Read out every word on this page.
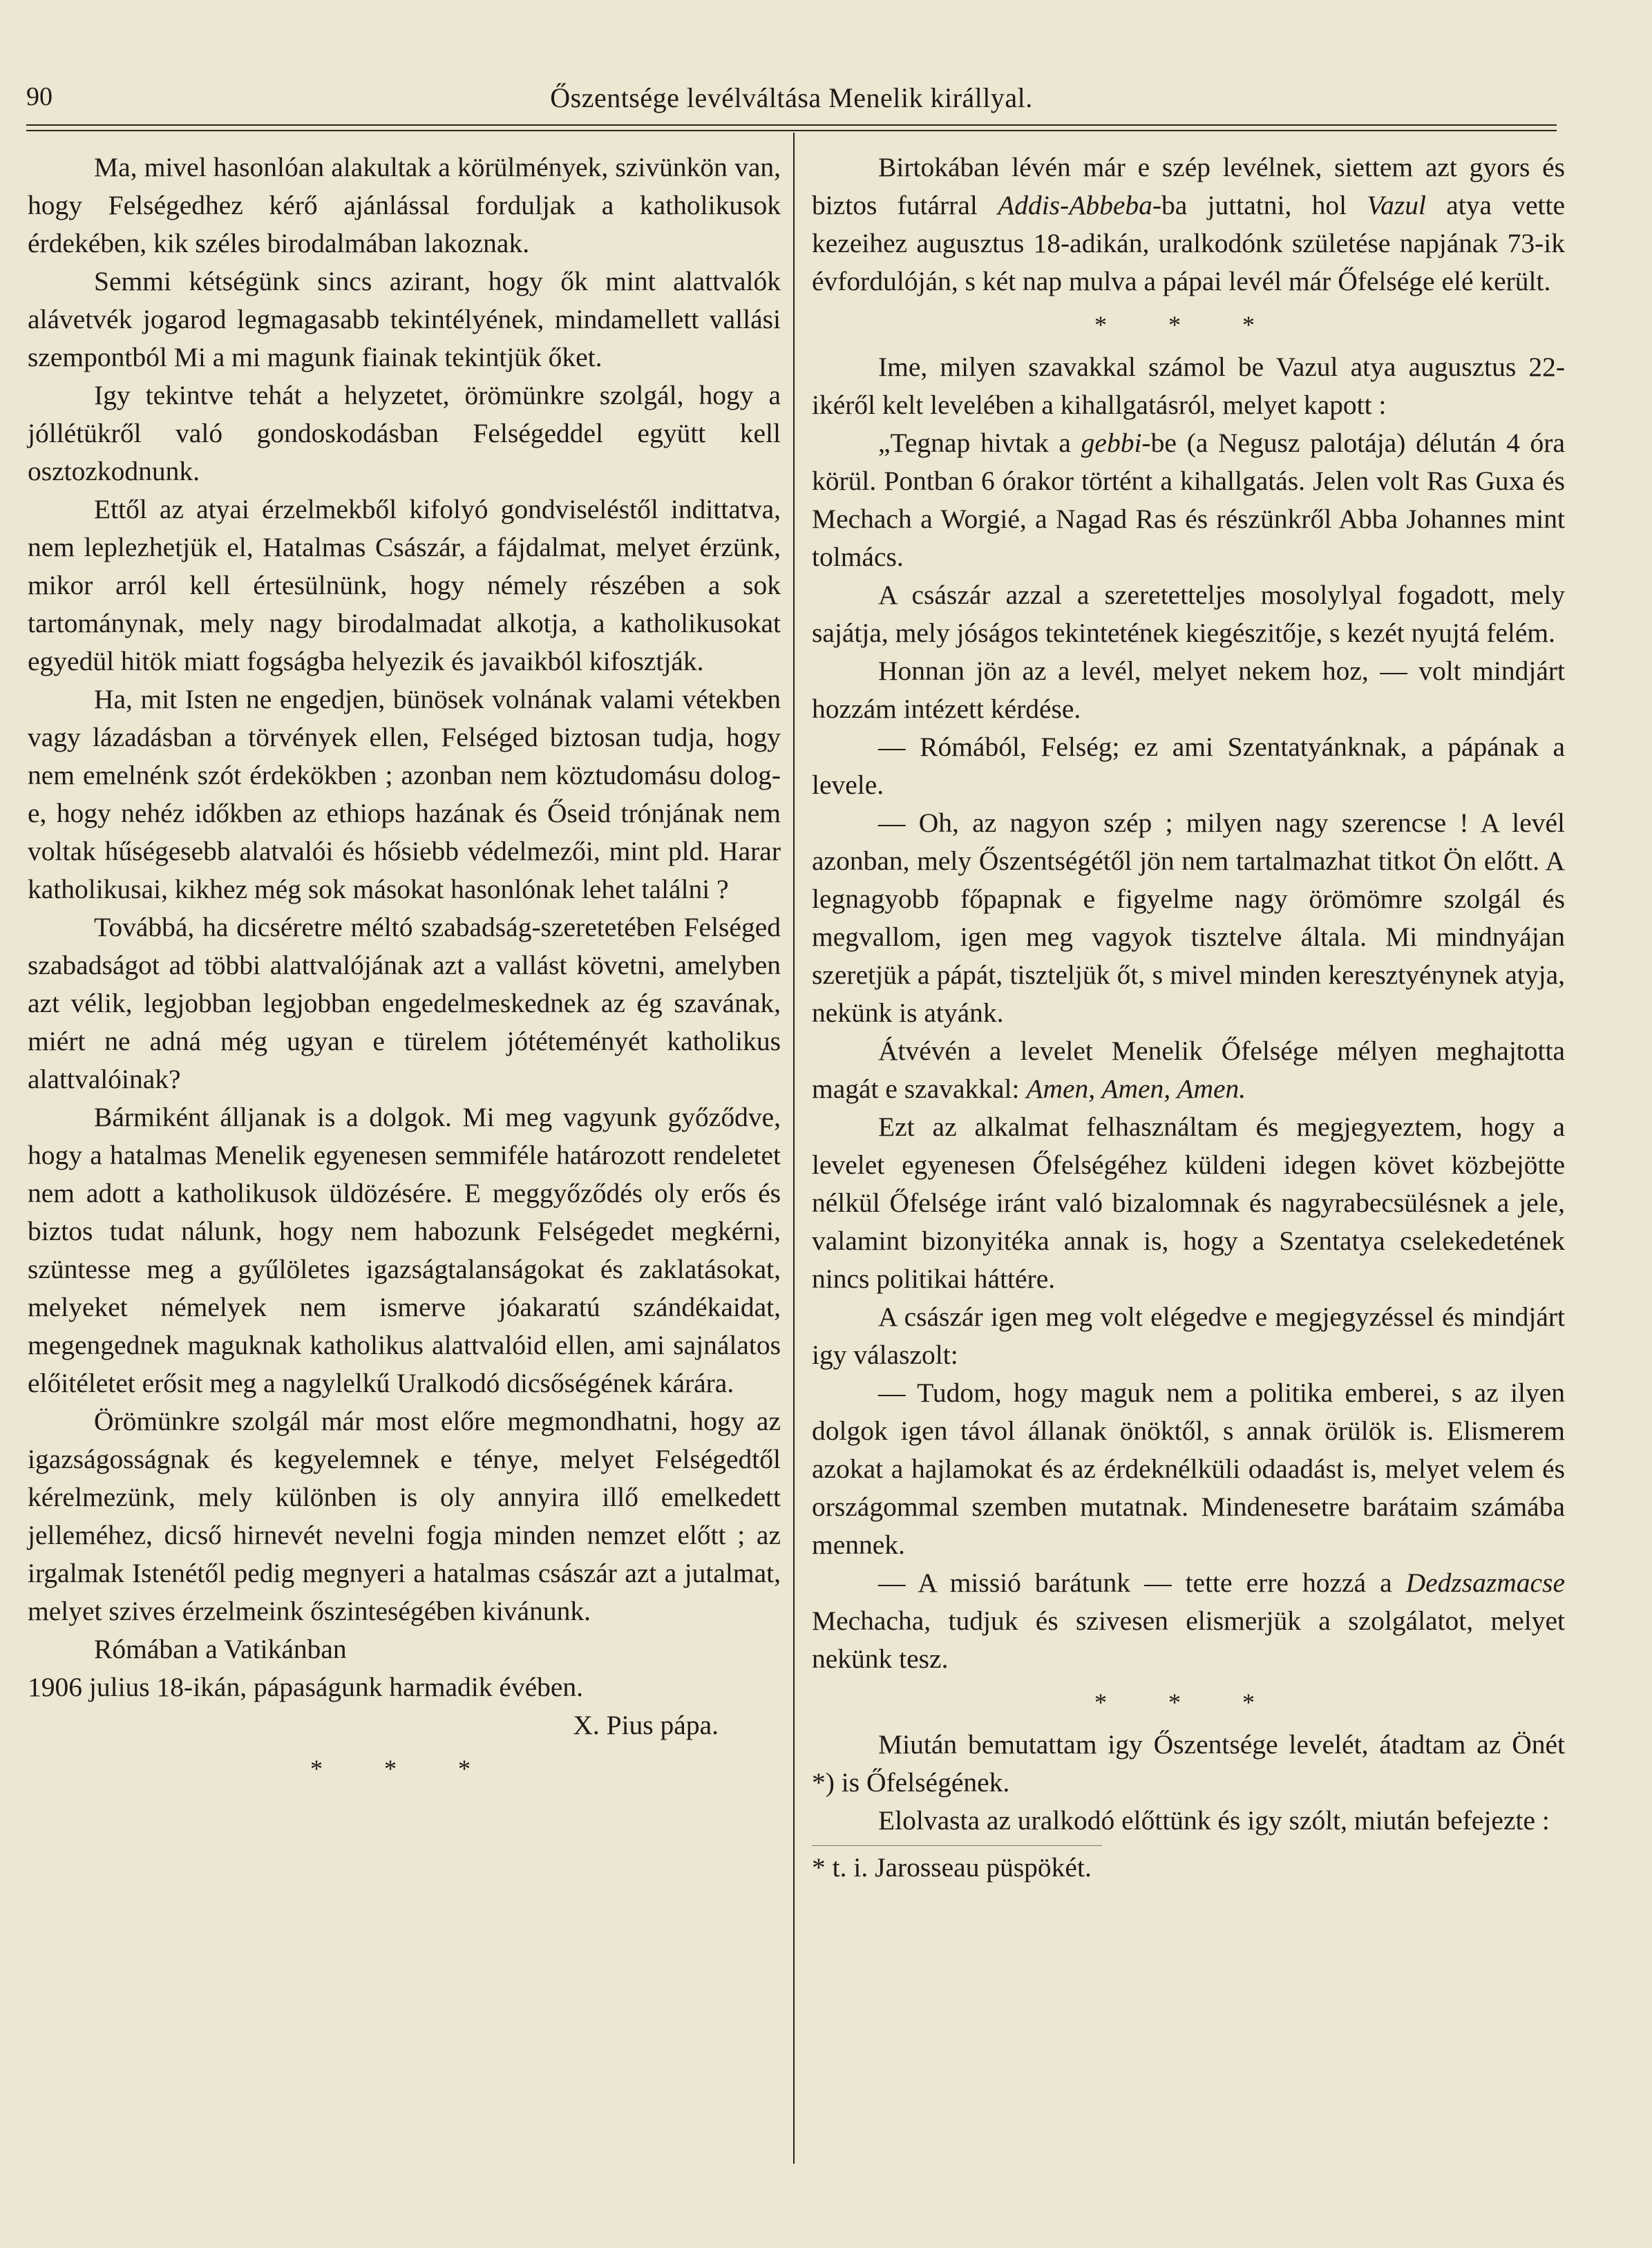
90	Őszentsége levélváltása Menelik királlyal.

Ma, mivel hasonlóan alakultak a körülmények, szivünkön van, hogy Felségedhez kérő ajánlással forduljak a katholikusok érdekében, kik széles birodalmában lakoznak.

Semmi kétségünk sincs azirant, hogy ők mint alattvalók alávetvék jogarod legmagasabb tekintélyének, mindamellett vallási szempontból Mi a mi magunk fiainak tekintjük őket.

Igy tekintve tehát a helyzetet, örömünkre szolgál, hogy a jóllétükről való gondoskodásban Felségeddel együtt kell osztozkodnunk.

Ettől az atyai érzelmekből kifolyó gondviseléstől indittatva, nem leplezhetjük el, Hatalmas Császár, a fájdalmat, melyet érzünk, mikor arról kell értesülnünk, hogy némely részében a sok tartománynak, mely nagy birodalmadat alkotja, a katholikusokat egyedül hitök miatt fogságba helyezik és javaikból kifosztják.

Ha, mit Isten ne engedjen, bünösek volnának valami vétekben vagy lázadásban a törvények ellen, Felséged biztosan tudja, hogy nem emelnénk szót érdekökben ; azonban nem köztudomásu dolog-e, hogy nehéz időkben az ethiops hazának és Őseid trónjának nem voltak hűségesebb alatvalói és hősiebb védelmezői, mint pld. Harar katholikusai, kikhez még sok másokat hasonlónak lehet találni ?

Továbbá, ha dicséretre méltó szabadság-szeretetében Felséged szabadságot ad többi alattvalójának azt a vallást követni, amelyben azt vélik, legjobban legjobban engedelmeskednek az ég szavának, miért ne adná még ugyan e türelem jótéteményét katholikus alattvalóinak?

Bármiként álljanak is a dolgok. Mi meg vagyunk győződve, hogy a hatalmas Menelik egyenesen semmiféle határozott rendeletet nem adott a katholikusok üldözésére. E meggyőződés oly erős és biztos tudat nálunk, hogy nem habozunk Felségedet megkérni, szüntesse meg a gyűlöletes igazságtalanságokat és zaklatásokat, melyeket némelyek nem ismerve jóakaratú szándékaidat, megengednek maguknak katholikus alattvalóid ellen, ami sajnálatos előitéletet erősit meg a nagylelkű Uralkodó dicsőségének kárára.

Örömünkre szolgál már most előre megmondhatni, hogy az igazságosságnak és kegyelemnek e tényе, melyet Felségedtől kérelmezünk, mely különben is oly annyira illő emelkedett jelleméhez, dicső hirnevét nevelni fogja minden nemzet előtt ; az irgalmak Istenétől pedig megnyeri a hatalmas császár azt a jutalmat, melyet szives érzelmeink őszinteségében kivánunk.

Rómában a Vatikánban

1906 julius 18-ikán, pápaságunk harmadik évében.

X. Pius pápa.

* * *

Birtokában lévén már e szép levélnek, siettem azt gyors és biztos futárral Addis-Abbeba-ba juttatni, hol Vazul atya vette kezeihez augusztus 18-adikán, uralkodónk születése napjának 73-ik évfordulóján, s két nap mulva a pápai levél már Őfelsége elé került.

* * *

Ime, milyen szavakkal számol be Vazul atya augusztus 22-ikéről kelt levelében a kihallgatásról, melyet kapott :

„Tegnap hivtak a gebbi-be (a Negusz palotája) délután 4 óra körül. Pontban 6 órakor történt a kihallgatás. Jelen volt Ras Guxa és Mechach a Worgié, a Nagad Ras és részünkről Abba Johannes mint tolmács.

A császár azzal a szeretetteljes mosolylyal fogadott, mely sajátja, mely jóságos tekintetének kiegészitője, s kezét nyujtá felém.

Honnan jön az a levél, melyet nekem hoz, — volt mindjárt hozzám intézett kérdése.

— Rómából, Felség; ez ami Szentatyánknak, a pápának a levele.

— Oh, az nagyon szép ; milyen nagy szerencse ! A levél azonban, mely Őszentségétől jön nem tartalmazhat titkot Ön előtt. A legnagyobb főpapnak e figyelme nagy örömömre szolgál és megvallom, igen meg vagyok tisztelve általa. Mi mindnyájan szeretjük a pápát, tiszteljük őt, s mivel minden keresztyénynek atyja, nekünk is atyánk.

Átvévén a levelet Menelik Őfelsége mélyen meghajtotta magát e szavakkal: Amen, Amen, Amen.

Ezt az alkalmat felhasználtam és megjegyeztem, hogy a levelet egyenesen Őfelségéhez küldeni idegen követ közbejötte nélkül Őfelsége iránt való bizalomnak és nagyrabecsülésnek a jele, valamint bizonyitéka annak is, hogy a Szentatya cselekedetének nincs politikai háttére.

A császár igen meg volt elégedve e megjegyzéssel és mindjárt igy válaszolt:

— Tudom, hogy maguk nem a politika emberei, s az ilyen dolgok igen távol állanak önöktől, s annak örülök is. Elismerem azokat a hajlamokat és az érdeknélküli odaadást is, melyet velem és országommal szemben mutatnak. Mindenesetre barátaim számába mennek.

— A missió barátunk — tette erre hozzá a Dedzsazmacse Mechacha, tudjuk és szivesen elismerjük a szolgálatot, melyet nekünk tesz.

* * *

Miután bemutattam igy Őszentsége levelét, átadtam az Önét *) is Őfelségének.

Elolvasta az uralkodó előttünk és igy szólt, miután befejezte :

* t. i. Jarosseau püspökét.
